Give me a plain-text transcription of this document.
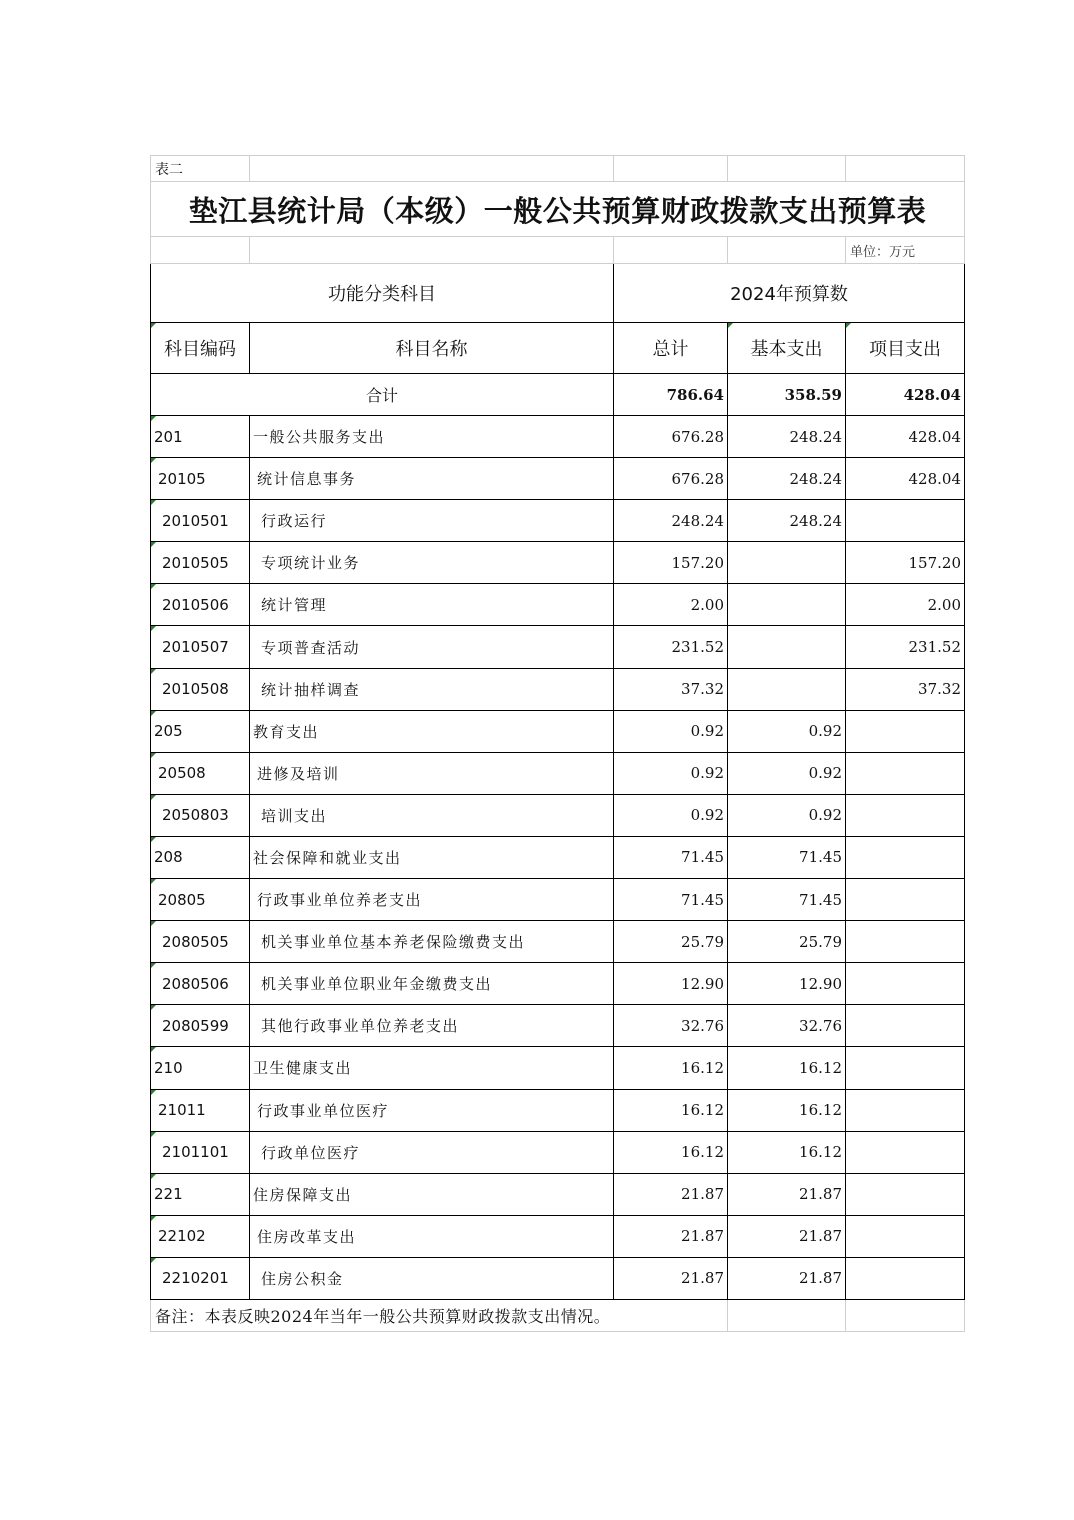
表二				
垫江县统计局（本级）一般公共预算财政拨款支出预算表				
				单位：万元
功能分类科目		2024年预算数		
科目编码	科目名称	总计	基本支出	项目支出
合计		786.64	358.59	428.04
201	一般公共服务支出	676.28	248.24	428.04
20105	统计信息事务	676.28	248.24	428.04
2010501	行政运行	248.24	248.24	
2010505	专项统计业务	157.20		157.20
2010506	统计管理	2.00		2.00
2010507	专项普查活动	231.52		231.52
2010508	统计抽样调查	37.32		37.32
205	教育支出	0.92	0.92	
20508	进修及培训	0.92	0.92	
2050803	培训支出	0.92	0.92	
208	社会保障和就业支出	71.45	71.45	
20805	行政事业单位养老支出	71.45	71.45	
2080505	机关事业单位基本养老保险缴费支出	25.79	25.79	
2080506	机关事业单位职业年金缴费支出	12.90	12.90	
2080599	其他行政事业单位养老支出	32.76	32.76	
210	卫生健康支出	16.12	16.12	
21011	行政事业单位医疗	16.12	16.12	
2101101	行政单位医疗	16.12	16.12	
221	住房保障支出	21.87	21.87	
22102	住房改革支出	21.87	21.87	
2210201	住房公积金	21.87	21.87	
备注：本表反映2024年当年一般公共预算财政拨款支出情况。				
